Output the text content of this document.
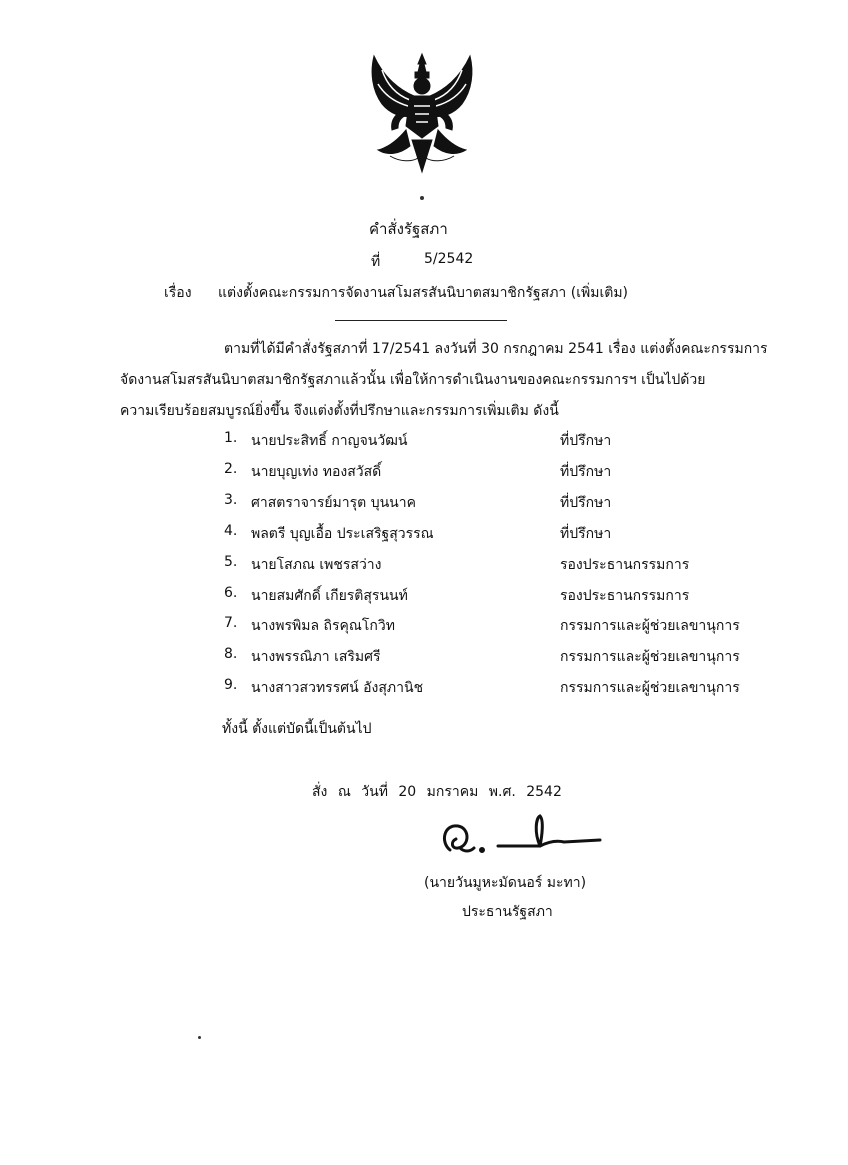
คำสั่งรัฐสภา
ที่	5/2542
เรื่อง แต่งตั้งคณะกรรมการจัดงานสโมสรสันนิบาตสมาชิกรัฐสภา (เพิ่มเติม)
ตามที่ได้มีคำสั่งรัฐสภาที่ 17/2541 ลงวันที่ 30 กรกฎาคม 2541 เรื่อง แต่งตั้งคณะกรรมการ
จัดงานสโมสรสันนิบาตสมาชิกรัฐสภาแล้วนั้น เพื่อให้การดำเนินงานของคณะกรรมการฯ เป็นไปด้วย
ความเรียบร้อยสมบูรณ์ยิ่งขึ้น จึงแต่งตั้งที่ปรึกษาและกรรมการเพิ่มเติม ดังนี้
1. นายประสิทธิ์ กาญจนวัฒน์	ที่ปรึกษา
2. นายบุญเท่ง ทองสวัสดิ์	ที่ปรึกษา
3. ศาสตราจารย์มารุต บุนนาค	ที่ปรึกษา
4. พลตรี บุญเอื้อ ประเสริฐสุวรรณ	ที่ปรึกษา
5. นายโสภณ เพชรสว่าง	รองประธานกรรมการ
6. นายสมศักดิ์ เกียรติสุรนนท์	รองประธานกรรมการ
7. นางพรพิมล ถิรคุณโกวิท	กรรมการและผู้ช่วยเลขานุการ
8. นางพรรณิภา เสริมศรี	กรรมการและผู้ช่วยเลขานุการ
9. นางสาวสวทรรศน์ อังสุภานิช	กรรมการและผู้ช่วยเลขานุการ
ทั้งนี้ ตั้งแต่บัดนี้เป็นต้นไป
สั่ง ณ วันที่ 20 มกราคม พ.ศ. 2542
(นายวันมูหะมัดนอร์ มะทา)
ประธานรัฐสภา
